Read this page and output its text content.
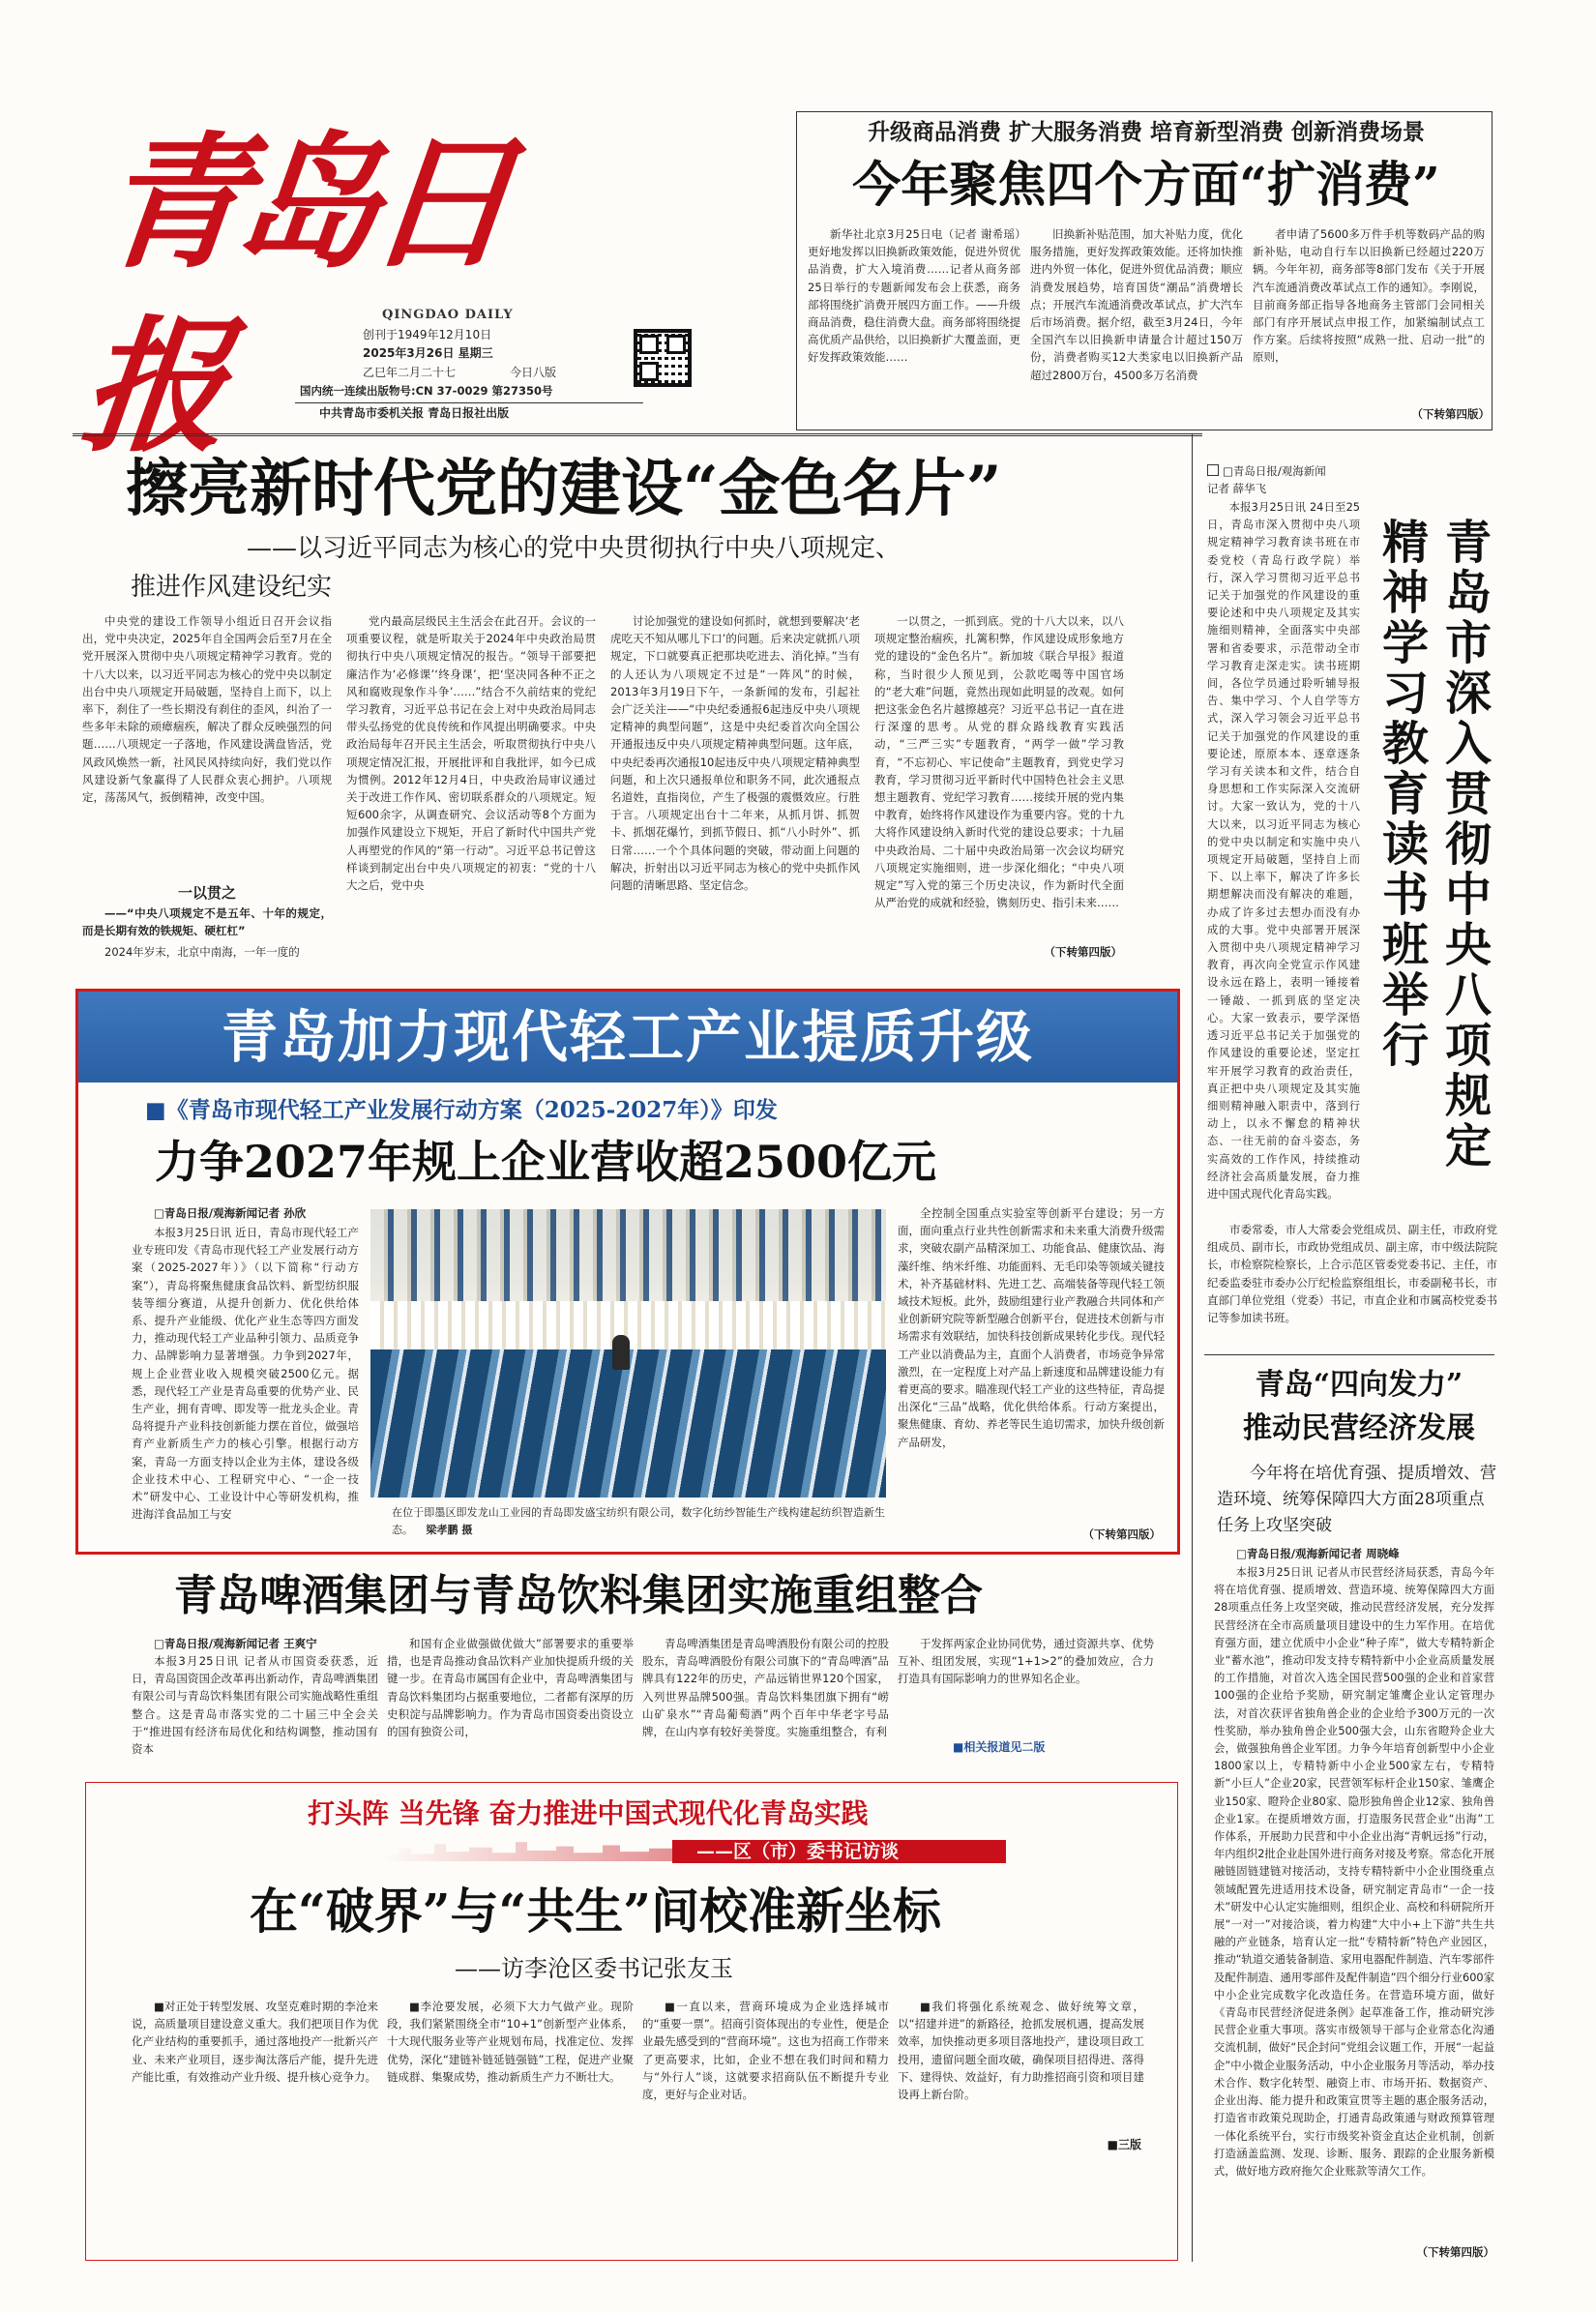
青岛日报	QINGDAO DAILY
创刊于1949年12月10日
2025年3月26日 星期三
乙巳年二月二十七	今日八版
国内统一连续出版物号:CN 37-0029 第27350号
中共青岛市委机关报 青岛日报社出版
升级商品消费 扩大服务消费 培育新型消费 创新消费场景
今年聚焦四个方面“扩消费”

新华社北京3月25日电（记者 谢希瑶）更好地发挥以旧换新政策效能，促进外贸优品消费，扩大入境消费……记者从商务部25日举行的专题新闻发布会上获悉，商务部将围绕扩消费开展四方面工作。——升级商品消费，稳住消费大盘。商务部将围绕提高优质产品供给，以旧换新扩大覆盖面，更好发挥政策效能……

旧换新补贴范围，加大补贴力度，优化服务措施，更好发挥政策效能。还将加快推进内外贸一体化，促进外贸优品消费；顺应消费发展趋势，培育国货“潮品”消费增长点；开展汽车流通消费改革试点，扩大汽车后市场消费。据介绍，截至3月24日，今年全国汽车以旧换新申请量合计超过150万份，消费者购买12大类家电以旧换新产品超过2800万台，4500多万名消费

者申请了5600多万件手机等数码产品的购新补贴，电动自行车以旧换新已经超过220万辆。今年年初，商务部等8部门发布《关于开展汽车流通消费改革试点工作的通知》。李刚说，目前商务部正指导各地商务主管部门会同相关部门有序开展试点申报工作，加紧编制试点工作方案。后续将按照“成熟一批、启动一批”的原则，

（下转第四版）
擦亮新时代党的建设“金色名片”
——以习近平同志为核心的党中央贯彻执行中央八项规定、
推进作风建设纪实

中央党的建设工作领导小组近日召开会议指出，党中央决定，2025年自全国两会后至7月在全党开展深入贯彻中央八项规定精神学习教育。党的十八大以来，以习近平同志为核心的党中央以制定出台中央八项规定开局破题，坚持自上而下，以上率下，刹住了一些长期没有刹住的歪风，纠治了一些多年未除的顽瘴痼疾，解决了群众反映强烈的问题……八项规定一子落地，作风建设满盘皆活，党风政风焕然一新，社风民风持续向好，我们党以作风建设新气象赢得了人民群众衷心拥护。八项规定，荡荡风气，扳倒精神，改变中国。

一以贯之

——“中央八项规定不是五年、十年的规定，而是长期有效的铁规矩、硬杠杠”

2024年岁末，北京中南海，一年一度的

党内最高层级民主生活会在此召开。会议的一项重要议程，就是听取关于2024年中央政治局贯彻执行中央八项规定情况的报告。“领导干部要把廉洁作为‘必修课’‘终身课’，把‘坚决同各种不正之风和腐败现象作斗争’……”结合不久前结束的党纪学习教育，习近平总书记在会上对中央政治局同志带头弘扬党的优良传统和作风提出明确要求。中央政治局每年召开民主生活会，听取贯彻执行中央八项规定情况汇报，开展批评和自我批评，如今已成为惯例。2012年12月4日，中央政治局审议通过关于改进工作作风、密切联系群众的八项规定。短短600余字，从调查研究、会议活动等8个方面为加强作风建设立下规矩，开启了新时代中国共产党人再塑党的作风的“第一行动”。习近平总书记曾这样谈到制定出台中央八项规定的初衷：“党的十八大之后，党中央

讨论加强党的建设如何抓时，就想到要解决‘老虎吃天不知从哪儿下口’的问题。后来决定就抓八项规定，下口就要真正把那块吃进去、消化掉。”当有的人还认为八项规定不过是“一阵风”的时候，2013年3月19日下午，一条新闻的发布，引起社会广泛关注——“中央纪委通报6起违反中央八项规定精神的典型问题”，这是中央纪委首次向全国公开通报违反中央八项规定精神典型问题。这年底，中央纪委再次通报10起违反中央八项规定精神典型问题，和上次只通报单位和职务不同，此次通报点名道姓，直指岗位，产生了极强的震慑效应。行胜于言。八项规定出台十二年来，从抓月饼、抓贺卡、抓烟花爆竹，到抓节假日、抓“八小时外”、抓日常……一个个具体问题的突破，带动面上问题的解决，折射出以习近平同志为核心的党中央抓作风问题的清晰思路、坚定信念。

一以贯之，一抓到底。党的十八大以来，以八项规定整治痼疾，扎篱积弊，作风建设成形象地方党的建设的“金色名片”。新加坡《联合早报》报道称，当时很少人预见到，公款吃喝等中国官场的“老大难”问题，竟然出现如此明显的改观。如何把这张金色名片越擦越亮？习近平总书记一直在进行深邃的思考。从党的群众路线教育实践活动，“三严三实”专题教育，“两学一做”学习教育，“不忘初心、牢记使命”主题教育，到党史学习教育，学习贯彻习近平新时代中国特色社会主义思想主题教育、党纪学习教育……接续开展的党内集中教育，始终将作风建设作为重要内容。党的十九大将作风建设纳入新时代党的建设总要求；十九届中央政治局、二十届中央政治局第一次会议均研究八项规定实施细则，进一步深化细化；“中央八项规定”写入党的第三个历史决议，作为新时代全面从严治党的成就和经验，镌刻历史、指引未来……

（下转第四版）
青岛加力现代轻工产业提质升级
■《青岛市现代轻工产业发展行动方案（2025-2027年）》印发
力争2027年规上企业营收超2500亿元

□青岛日报/观海新闻记者 孙欣

本报3月25日讯 近日，青岛市现代轻工产业专班印发《青岛市现代轻工产业发展行动方案（2025-2027年）》（以下简称“行动方案”），青岛将聚焦健康食品饮料、新型纺织服装等细分赛道，从提升创新力、优化供给体系、提升产业能级、优化产业生态等四方面发力，推动现代轻工产业品种引领力、品质竞争力、品牌影响力显著增强。力争到2027年，规上企业营业收入规模突破2500亿元。据悉，现代轻工产业是青岛重要的优势产业、民生产业，拥有青啤、即发等一批龙头企业。青岛将提升产业科技创新能力摆在首位，做强培育产业新质生产力的核心引擎。根据行动方案，青岛一方面支持以企业为主体，建设各级企业技术中心、工程研究中心、“一企一技术”研发中心、工业设计中心等研发机构，推进海洋食品加工与安	在位于即墨区即发龙山工业园的青岛即发盛宝纺织有限公司，数字化纺纱智能生产线构建起纺织智造新生态。 梁孝鹏 摄

全控制全国重点实验室等创新平台建设；另一方面，面向重点行业共性创新需求和未来重大消费升级需求，突破农副产品精深加工、功能食品、健康饮品、海藻纤维、纳米纤维、功能面料、无毛印染等领域关键技术，补齐基础材料、先进工艺、高端装备等现代轻工领域技术短板。此外，鼓励组建行业产教融合共同体和产业创新研究院等新型融合创新平台，促进技术创新与市场需求有效联结，加快科技创新成果转化步伐。现代轻工产业以消费品为主，直面个人消费者，市场竞争异常激烈，在一定程度上对产品上新速度和品牌建设能力有着更高的要求。瞄准现代轻工产业的这些特征，青岛提出深化“三品”战略，优化供给体系。行动方案提出，聚焦健康、育幼、养老等民生追切需求，加快升级创新产品研发，

（下转第四版）
青岛啤酒集团与青岛饮料集团实施重组整合

□青岛日报/观海新闻记者 王爽宁

本报3月25日讯 记者从市国资委获悉，近日，青岛国资国企改革再出新动作，青岛啤酒集团有限公司与青岛饮料集团有限公司实施战略性重组整合。这是青岛市落实党的二十届三中全会关于“推进国有经济布局优化和结构调整，推动国有资本

和国有企业做强做优做大”部署要求的重要举措，也是青岛推动食品饮料产业加快提质升级的关键一步。在青岛市属国有企业中，青岛啤酒集团与青岛饮料集团均占据重要地位，二者都有深厚的历史积淀与品牌影响力。作为青岛市国资委出资设立的国有独资公司，

青岛啤酒集团是青岛啤酒股份有限公司的控股股东，青岛啤酒股份有限公司旗下的“青岛啤酒”品牌具有122年的历史，产品远销世界120个国家，入列世界品牌500强。青岛饮料集团旗下拥有“崂山矿泉水”“青岛葡萄酒”两个百年中华老字号品牌，在山内享有较好美誉度。实施重组整合，有利

于发挥两家企业协同优势，通过资源共享、优势互补、组团发展，实现“1+1>2”的叠加效应，合力打造具有国际影响力的世界知名企业。

■相关报道见二版
打头阵 当先锋 奋力推进中国式现代化青岛实践
——区（市）委书记访谈
在“破界”与“共生”间校准新坐标
——访李沧区委书记张友玉

■对正处于转型发展、攻坚克难时期的李沧来说，高质量项目建设意义重大。我们把项目作为优化产业结构的重要抓手，通过落地投产一批新兴产业、未来产业项目，逐步淘汰落后产能，提升先进产能比重，有效推动产业升级、提升核心竞争力。

■李沧要发展，必须下大力气做产业。现阶段，我们紧紧围绕全市“10+1”创新型产业体系，十大现代服务业等产业规划布局，找准定位、发挥优势，深化“建链补链延链强链”工程，促进产业聚链成群、集聚成势，推动新质生产力不断壮大。

■一直以来，营商环境成为企业选择城市的“重要一票”。招商引资体现出的专业性，便是企业最先感受到的“营商环境”。这也为招商工作带来了更高要求，比如，企业不想在我们时间和精力与“外行人”谈，这就要求招商队伍不断提升专业度，更好与企业对话。

■我们将强化系统观念、做好统筹文章，以“招建并进”的新路径，抢抓发展机遇，提高发展效率，加快推动更多项目落地投产，建设项目政工投用，遗留问题全面攻破，确保项目招得进、落得下、建得快、效益好，有力助推招商引资和项目建设再上新台阶。

■三版
□青岛日报/观海新闻
记者 薛华飞

本报3月25日讯 24日至25日，青岛市深入贯彻中央八项规定精神学习教育读书班在市委党校（青岛行政学院）举行，深入学习贯彻习近平总书记关于加强党的作风建设的重要论述和中央八项规定及其实施细则精神，全面落实中央部署和省委要求，示范带动全市学习教育走深走实。读书班期间，各位学员通过聆听辅导报告、集中学习、个人自学等方式，深入学习领会习近平总书记关于加强党的作风建设的重要论述，原原本本、逐章逐条学习有关读本和文件，结合自身思想和工作实际深入交流研讨。大家一致认为，党的十八大以来，以习近平同志为核心的党中央以制定和实施中央八项规定开局破题，坚持自上而下、以上率下，解决了许多长期想解决而没有解决的难题，办成了许多过去想办而没有办成的大事。党中央部署开展深入贯彻中央八项规定精神学习教育，再次向全党宣示作风建设永远在路上，表明一锤接着一锤敲、一抓到底的坚定决心。大家一致表示，要学深悟透习近平总书记关于加强党的作风建设的重要论述，坚定扛牢开展学习教育的政治责任，真正把中央八项规定及其实施细则精神融入职责中，落到行动上，以永不懈怠的精神状态、一往无前的奋斗姿态，务实高效的工作作风，持续推动经济社会高质量发展，奋力推进中国式现代化青岛实践。

青岛市深入贯彻中央八项规定
精神学习教育读书班举行

市委常委，市人大常委会党组成员、副主任，市政府党组成员、副市长，市政协党组成员、副主席，市中级法院院长，市检察院检察长，上合示范区管委党委书记、主任，市纪委监委驻市委办公厅纪检监察组组长，市委副秘书长，市直部门单位党组（党委）书记，市直企业和市属高校党委书记等参加读书班。

青岛“四向发力”
推动民营经济发展
今年将在培优育强、提质增效、营造环境、统筹保障四大方面28项重点任务上攻坚突破

□青岛日报/观海新闻记者 周晓峰

本报3月25日讯 记者从市民营经济局获悉，青岛今年将在培优育强、提质增效、营造环境、统筹保障四大方面28项重点任务上攻坚突破，推动民营经济发展，充分发挥民营经济在全市高质量项目建设中的生力军作用。在培优育强方面，建立优质中小企业“种子库”，做大专精特新企业“蓄水池”，推动印发支持专精特新中小企业高质量发展的工作措施，对首次入选全国民营500强的企业和首家营100强的企业给予奖励，研究制定雏鹰企业认定管理办法，对首次获评省独角兽企业的企业给予300万元的一次性奖励，举办独角兽企业500强大会，山东省瞪羚企业大会，做强独角兽企业军团。力争今年培育创新型中小企业1800家以上，专精特新中小企业500家左右，专精特新“小巨人”企业20家，民营领军标杆企业150家、雏鹰企业150家、瞪羚企业80家、隐形独角兽企业12家、独角兽企业1家。在提质增效方面，打造服务民营企业“出海”工作体系，开展助力民营和中小企业出海“青帆远扬”行动，年内组织2批企业赴国外进行商务对接及考察。常态化开展融链固链建链对接活动，支持专精特新中小企业围绕重点领域配置先进适用技术设备，研究制定青岛市“一企一技术”研发中心认定实施细则，组织企业、高校和科研院所开展“一对一”对接洽谈，着力构建“大中小+上下游”共生共融的产业链条，培育认定一批“专精特新”特色产业园区，推动“轨道交通装备制造、家用电器配件制造、汽车零部件及配件制造、通用零部件及配件制造”四个细分行业600家中小企业完成数字化改造任务。在营造环境方面，做好《青岛市民营经济促进条例》起草准备工作，推动研究涉民营企业重大事项。落实市级领导干部与企业常态化沟通交流机制，做好“民企封问”党组会议题工作，开展“一起益企”中小微企业服务活动，中小企业服务月等活动，举办技术合作、数字化转型、融资上市、市场开拓、数据资产、企业出海、能力提升和政策宣贯等主题的惠企服务活动，打造省市政策兑现助企，打通青岛政策通与财政预算管理一体化系统平台，实行市级奖补资金直达企业机制，创新打造涵盖监测、发现、诊断、服务、跟踪的企业服务新模式，做好地方政府拖欠企业账款等清欠工作。

（下转第四版）
